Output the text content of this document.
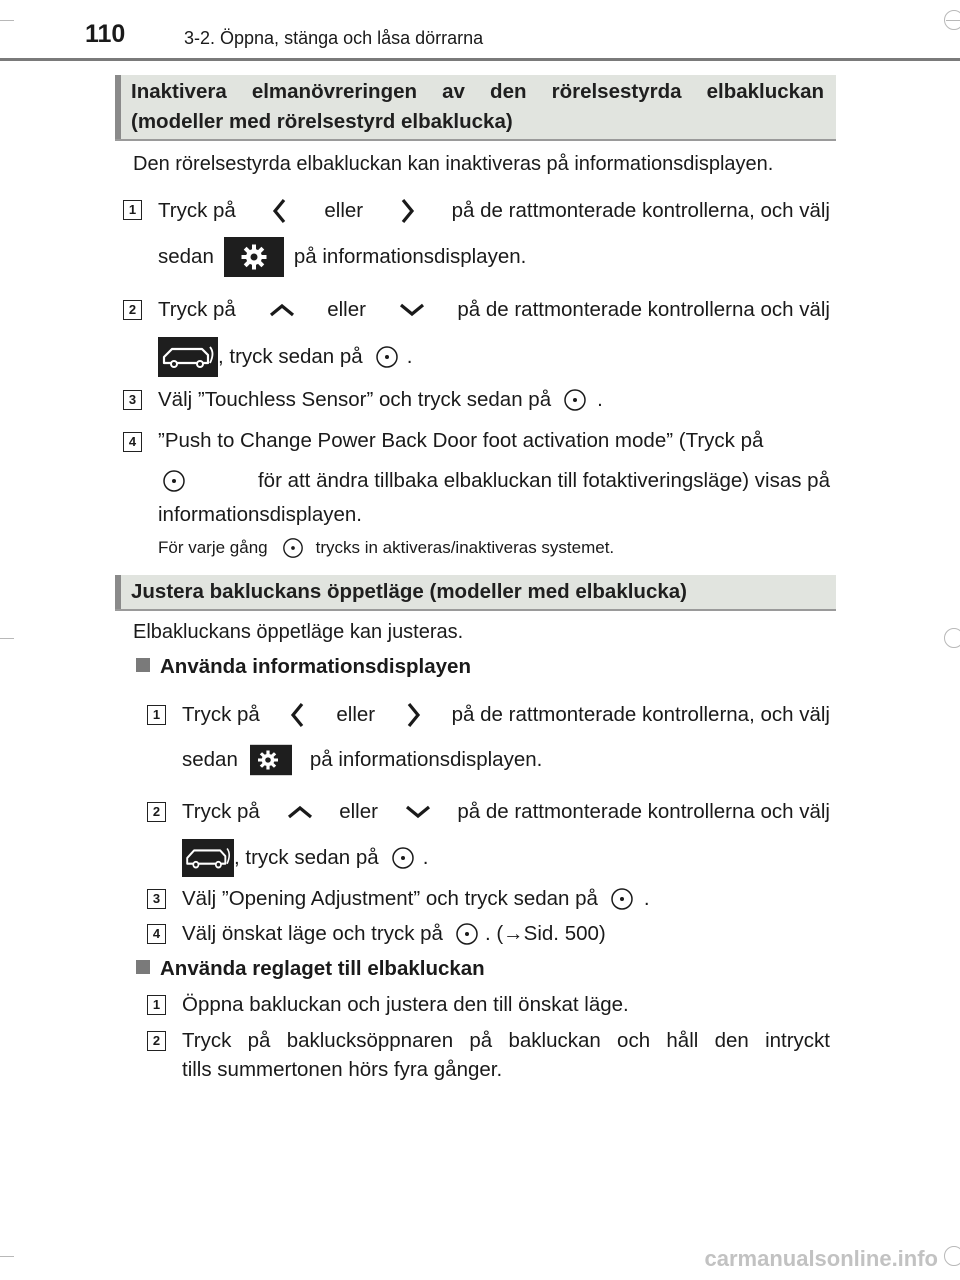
110	3-2. Öppna, stänga och låsa dörrarna
Inaktivera elmanövreringen av den rörelsestyrda elbakluckan
(modeller med rörelsestyrd elbaklucka)
Den rörelsestyrda elbakluckan kan inaktiveras på informationsdisplayen.
1 Tryck på	eller	på de rattmonterade kontrollerna, och välj
sedan	på informationsdisplayen.
2 Tryck på	eller	på de rattmonterade kontrollerna och välj
, tryck sedan på .
3 Välj ”Touchless Sensor” och tryck sedan på .
4 ”Push to Change Power Back Door foot activation mode” (Tryck på
för att ändra tillbaka elbakluckan till fotaktiveringsläge) visas på
informationsdisplayen.
För varje gång	trycks in aktiveras/inaktiveras systemet.
Justera bakluckans öppetläge (modeller med elbaklucka)
Elbakluckans öppetläge kan justeras.
Använda informationsdisplayen
1 Tryck på	eller	på de rattmonterade kontrollerna, och välj
sedan	på informationsdisplayen.
2 Tryck på	eller	på de rattmonterade kontrollerna och välj
, tryck sedan på .
3 Välj ”Opening Adjustment” och tryck sedan på .
4 Välj önskat läge och tryck på . (→Sid. 500)
Använda reglaget till elbakluckan
1 Öppna bakluckan och justera den till önskat läge.
2 Tryck på baklucksöppnaren på bakluckan och håll den intryckt
tills summertonen hörs fyra gånger.
carmanualsonline.info
